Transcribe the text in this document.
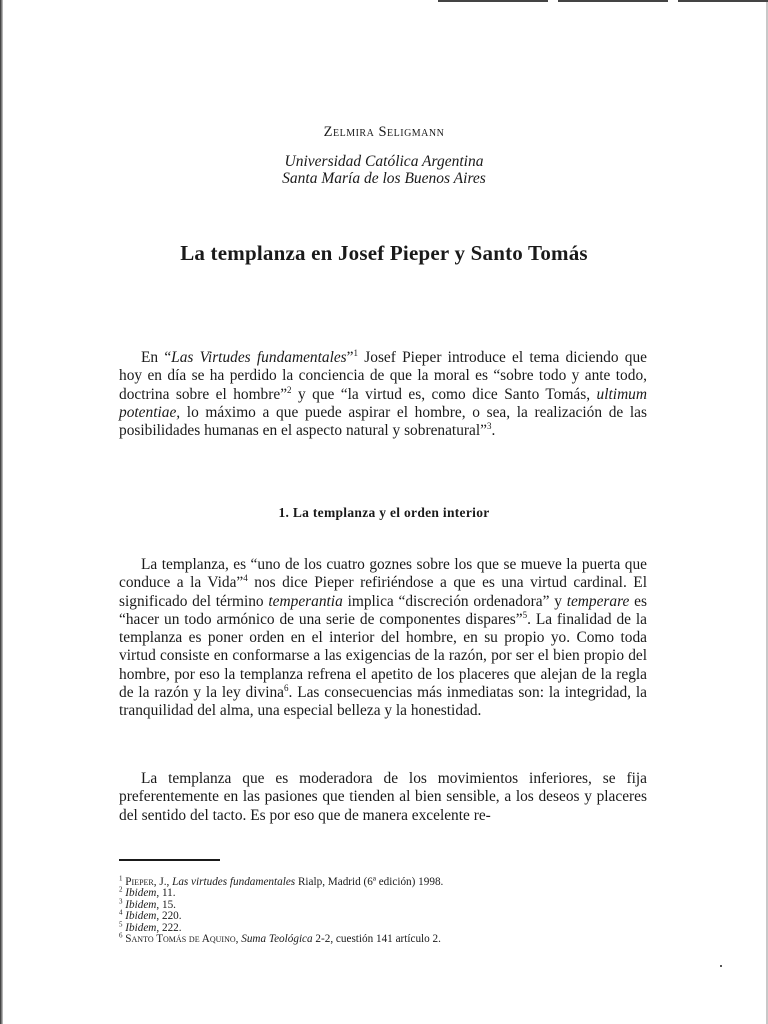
Zelmira Seligmann
Universidad Católica Argentina
Santa María de los Buenos Aires
La templanza en Josef Pieper y Santo Tomás

En “Las Virtudes fundamentales”$^1$ Josef Pieper introduce el tema diciendo que hoy en día se ha perdido la conciencia de que la moral es “sobre todo y ante todo, doctrina sobre el hombre”$^2$ y que “la virtud es, como dice Santo Tomás, ultimum potentiae, lo máximo a que puede aspirar el hombre, o sea, la realización de las posibilidades humanas en el aspecto natural y sobrenatural”$^3$.

1. La templanza y el orden interior

La templanza, es “uno de los cuatro goznes sobre los que se mueve la puerta que conduce a la Vida”$^4$ nos dice Pieper refiriéndose a que es una virtud cardinal. El significado del término temperantia implica “discreción ordenadora” y temperare es “hacer un todo armónico de una serie de componentes dispares”$^5$. La finalidad de la templanza es poner orden en el interior del hombre, en su propio yo. Como toda virtud consiste en conformarse a las exigencias de la razón, por ser el bien propio del hombre, por eso la templanza refrena el apetito de los placeres que alejan de la regla de la razón y la ley divina$^6$. Las consecuencias más inmediatas son: la integridad, la tranquilidad del alma, una especial belleza y la honestidad.

La templanza que es moderadora de los movimientos inferiores, se fija preferentemente en las pasiones que tienden al bien sensible, a los deseos y placeres del sentido del tacto. Es por eso que de manera excelente re-

$^1$ Pieper, J., Las virtudes fundamentales Rialp, Madrid (6ª edición) 1998.
$^2$ Ibidem, 11.
$^3$ Ibidem, 15.
$^4$ Ibidem, 220.
$^5$ Ibidem, 222.
$^6$ Santo Tomás de Aquino, Suma Teológica 2-2, cuestión 141 artículo 2.
